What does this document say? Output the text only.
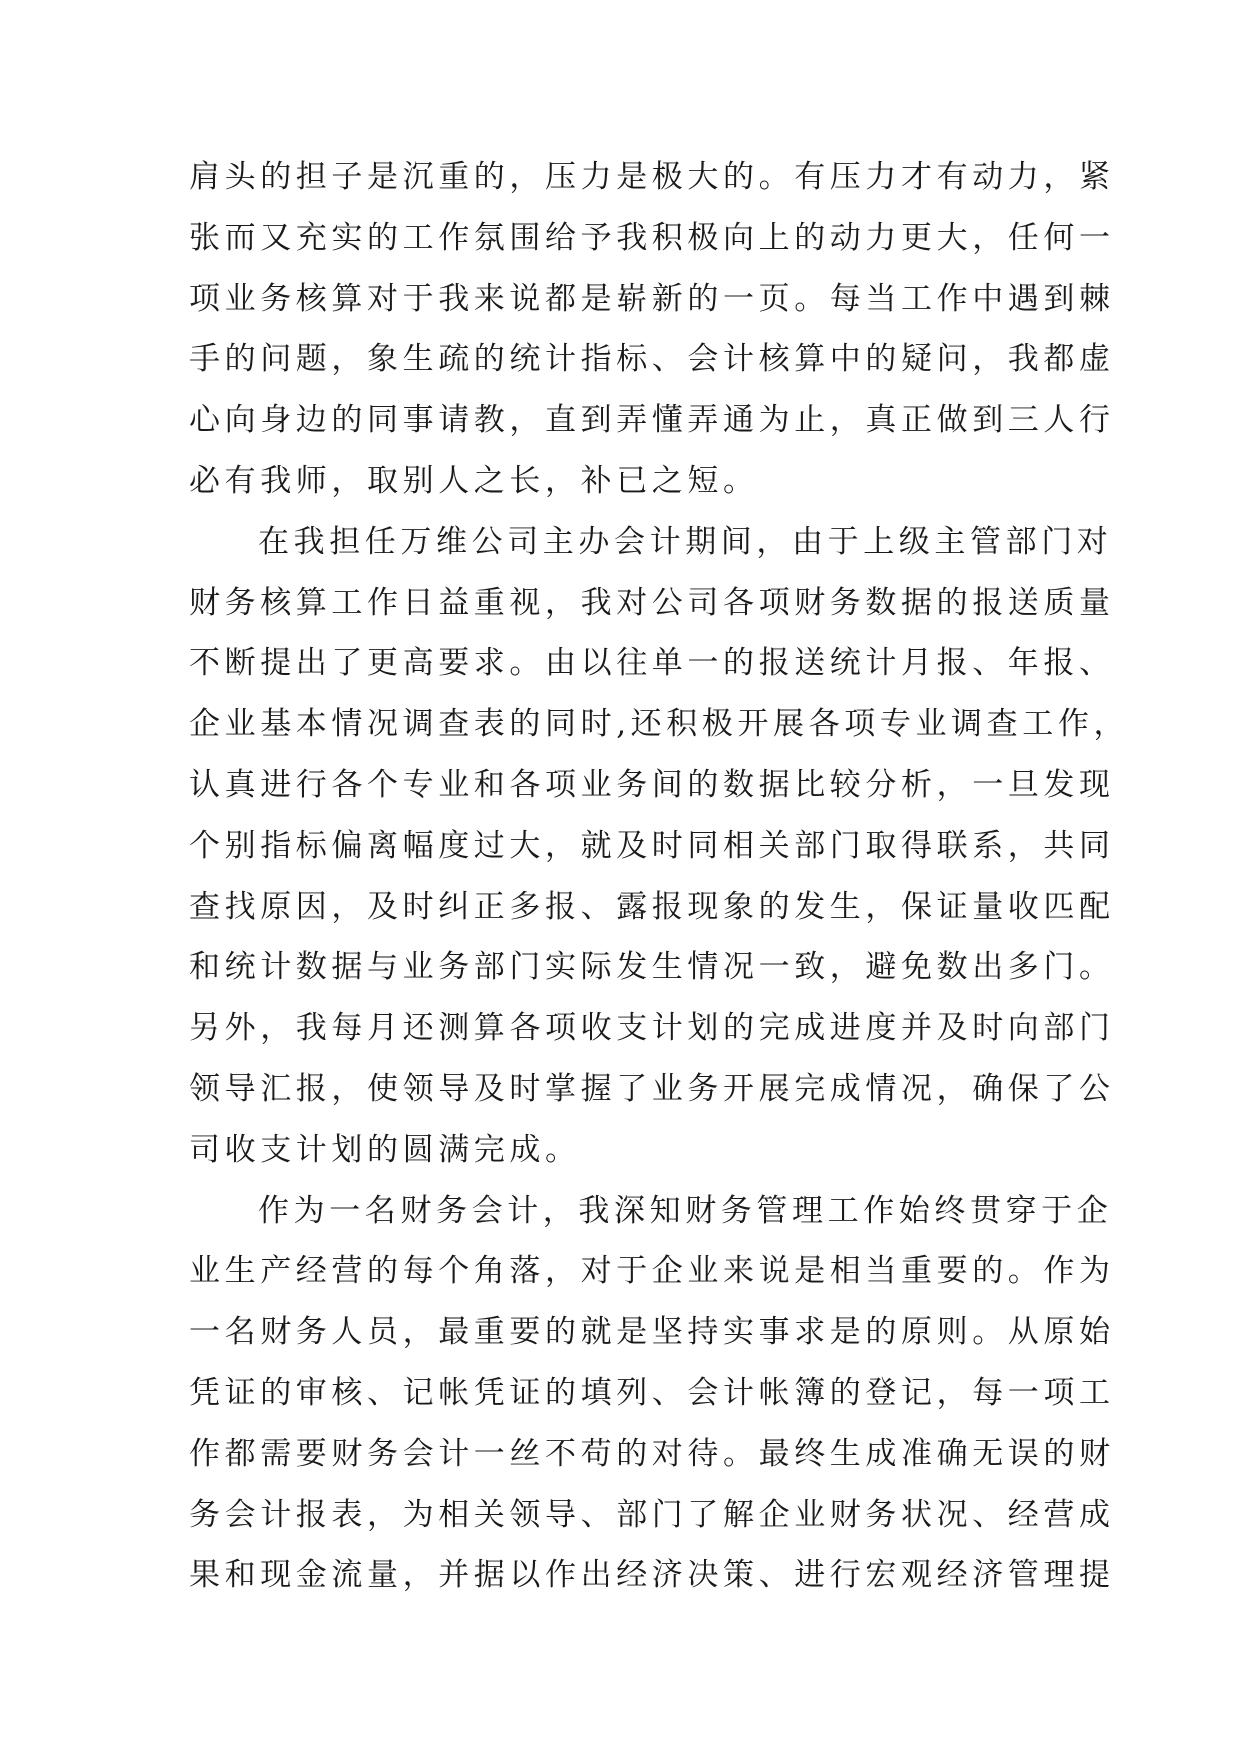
肩头的担子是沉重的，压力是极大的。有压力才有动力，紧
张而又充实的工作氛围给予我积极向上的动力更大，任何一
项业务核算对于我来说都是崭新的一页。每当工作中遇到棘
手的问题，象生疏的统计指标、会计核算中的疑问，我都虚
心向身边的同事请教，直到弄懂弄通为止，真正做到三人行
必有我师，取别人之长，补已之短。
在我担任万维公司主办会计期间，由于上级主管部门对
财务核算工作日益重视，我对公司各项财务数据的报送质量
不断提出了更高要求。由以往单一的报送统计月报、年报、
企业基本情况调查表的同时,还积极开展各项专业调查工作，
认真进行各个专业和各项业务间的数据比较分析，一旦发现
个别指标偏离幅度过大，就及时同相关部门取得联系，共同
查找原因，及时纠正多报、露报现象的发生，保证量收匹配
和统计数据与业务部门实际发生情况一致，避免数出多门。
另外，我每月还测算各项收支计划的完成进度并及时向部门
领导汇报，使领导及时掌握了业务开展完成情况，确保了公
司收支计划的圆满完成。
作为一名财务会计，我深知财务管理工作始终贯穿于企
业生产经营的每个角落，对于企业来说是相当重要的。作为
一名财务人员，最重要的就是坚持实事求是的原则。从原始
凭证的审核、记帐凭证的填列、会计帐簿的登记，每一项工
作都需要财务会计一丝不苟的对待。最终生成准确无误的财
务会计报表，为相关领导、部门了解企业财务状况、经营成
果和现金流量，并据以作出经济决策、进行宏观经济管理提
